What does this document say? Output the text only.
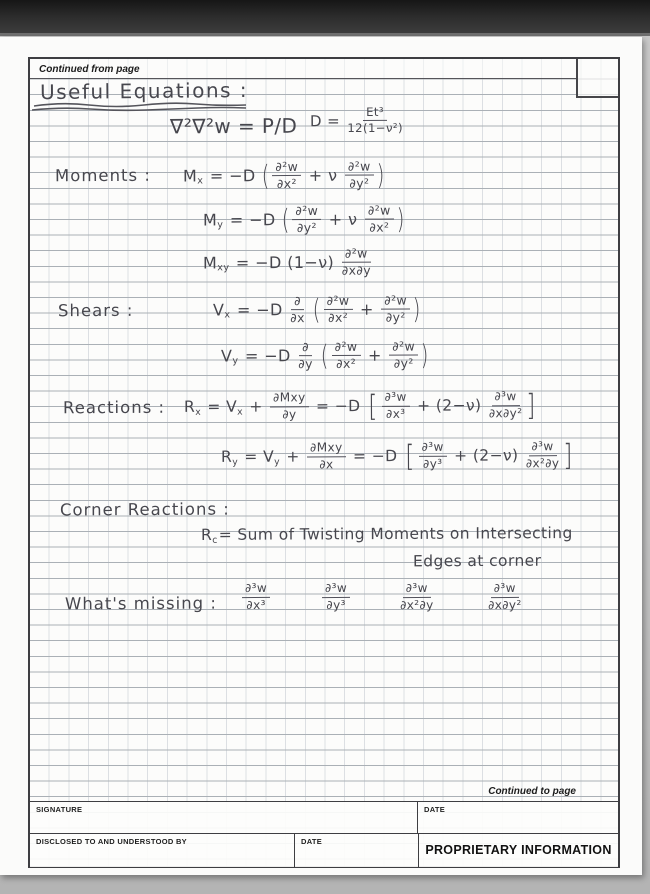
Continued from page
Useful Equations :
∇²∇²w = P/D $D = \frac{\text{Et³}}{\text{12(1−ν²)}}$
Moments : M x = −D ( $\frac{\text{∂²w}}{\text{∂x²}} + \nu \frac{\text{∂²w}}{\text{∂y²}}$ )
M y = −D ( $\frac{\text{∂²w}}{\text{∂y²}} + \nu \frac{\text{∂²w}}{\text{∂x²}}$ )
M xy = −D $(1-\nu) \frac{\text{∂²w}}{\partial x\partial y}$
Shears :	V $x = -D \frac{\partial}{\partial x}$
( $\frac{\text{∂²w}}{\text{∂x²}} + \frac{\text{∂²w}}{\text{∂y²}}$ )
V $y = -D \frac{\partial}{\partial y}$
( $\frac{\text{∂²w}}{\text{∂x²}} + \frac{\text{∂²w}}{\text{∂y²}}$ )
Reactions : R x = V $x + \frac{\text{∂Mxy}}{\partial y} = -D$ [ $\frac{\text{∂³w}}{\text{∂x³}} + (2-\nu) \frac{\text{∂³w}}{\text{∂x∂y²}}$ ]
R y = V $y + \frac{\text{∂Mxy}}{\partial x} = -D$ [ $\frac{\text{∂³w}}{\text{∂y³}} + (2-\nu) \frac{\text{∂³w}}{\text{∂x²∂y}}$ ]
Corner Reactions :
R c = Sum of Twisting Moments on Intersecting
Edges at corner
What's missing : $\frac{\text{∂³w}}{\text{∂x³}}$	$\frac{\text{∂³w}}{\text{∂y³}}$	$\frac{\text{∂³w}}{\text{∂x²∂y}}$	$\frac{\text{∂³w}}{\text{∂x∂y²}}$
Continued to page
SIGNATURE	DATE
DISCLOSED TO AND UNDERSTOOD BY	DATE
PROPRIETARY INFORMATION
